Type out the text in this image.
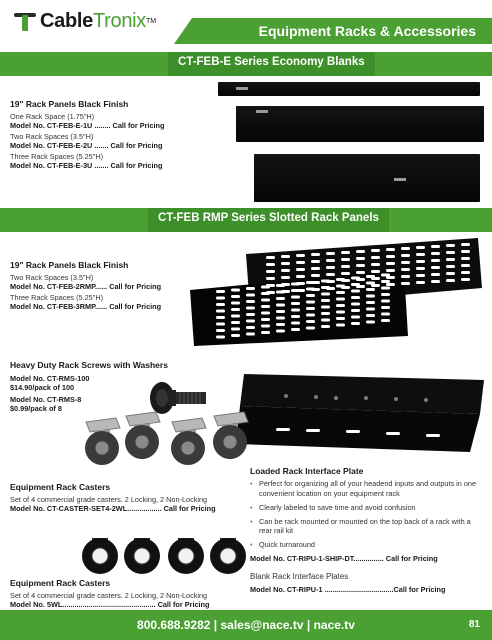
CableTronix TM
Equipment Racks & Accessories
CT-FEB-E Series Economy Blanks
19" Rack Panels Black Finish
One Rack Space (1.75"H)
Model No. CT-FEB-E-1U ........ Call for Pricing
Two Rack Spaces (3.5"H)
Model No. CT-FEB-E-2U ....... Call for Pricing
Three Rack Spaces (5.25"H)
Model No. CT-FEB-E-3U ....... Call for Pricing
CT-FEB RMP Series Slotted Rack Panels
19" Rack Panels Black Finish
Two Rack Spaces (3.5"H)
Model No. CT-FEB-2RMP...... Call for Pricing
Three Rack Spaces (5.25"H)
Model No. CT-FEB-3RMP...... Call for Pricing
Heavy Duty Rack Screws with Washers
Model No. CT-RMS-100
$14.90/pack of 100
Model No. CT-RMS-8
$0.99/pack of 8
Equipment Rack Casters
Set of 4 commercial grade casters. 2 Locking, 2 Non-Locking
Model No. CT-CASTER-SET4-2WL................. Call for Pricing
Equipment Rack Casters
Set of 4 commercial grade casters. 2 Locking, 2 Non-Locking
Model No. 5WL.............................................. Call for Pricing
Loaded Rack Interface Plate
• Perfect for organizing all of your headend inputs and outputs in one convenient location on your equipment rack
• Clearly labeled to save time and avoid confusion
• Can be rack mounted or mounted on the top back of a rack with a rear rail kit
• Quick turnaround
Model No. CT-RIPU-1-SHIP-DT............... Call for Pricing
Blank Rack Interface Plates
Model No. CT-RIPU-1 ..................................Call for Pricing
800.688.9282 | sales@nace.tv | nace.tv	81
